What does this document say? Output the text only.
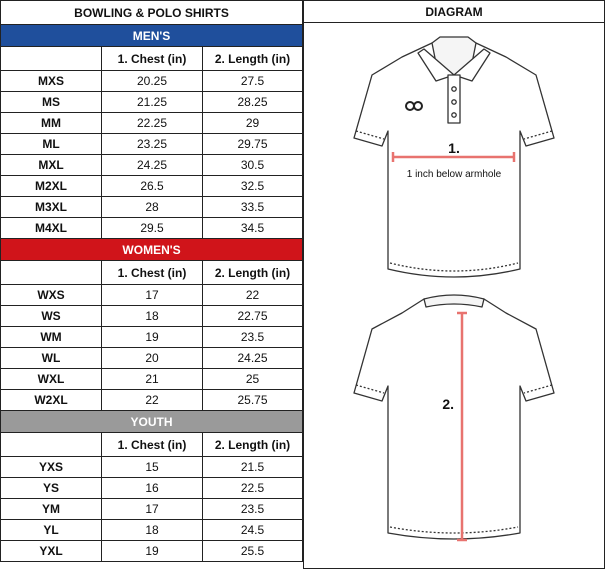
BOWLING & POLO SHIRTS		
MEN'S		
	1. Chest (in)	2. Length (in)
MXS	20.25	27.5
MS	21.25	28.25
MM	22.25	29
ML	23.25	29.75
MXL	24.25	30.5
M2XL	26.5	32.5
M3XL	28	33.5
M4XL	29.5	34.5
WOMEN'S		
	1. Chest (in)	2. Length (in)
WXS	17	22
WS	18	22.75
WM	19	23.5
WL	20	24.25
WXL	21	25
W2XL	22	25.75
YOUTH		
	1. Chest (in)	2. Length (in)
YXS	15	21.5
YS	16	22.5
YM	17	23.5
YL	18	24.5
YXL	19	25.5
DIAGRAM
1.
1 inch below armhole
2.
